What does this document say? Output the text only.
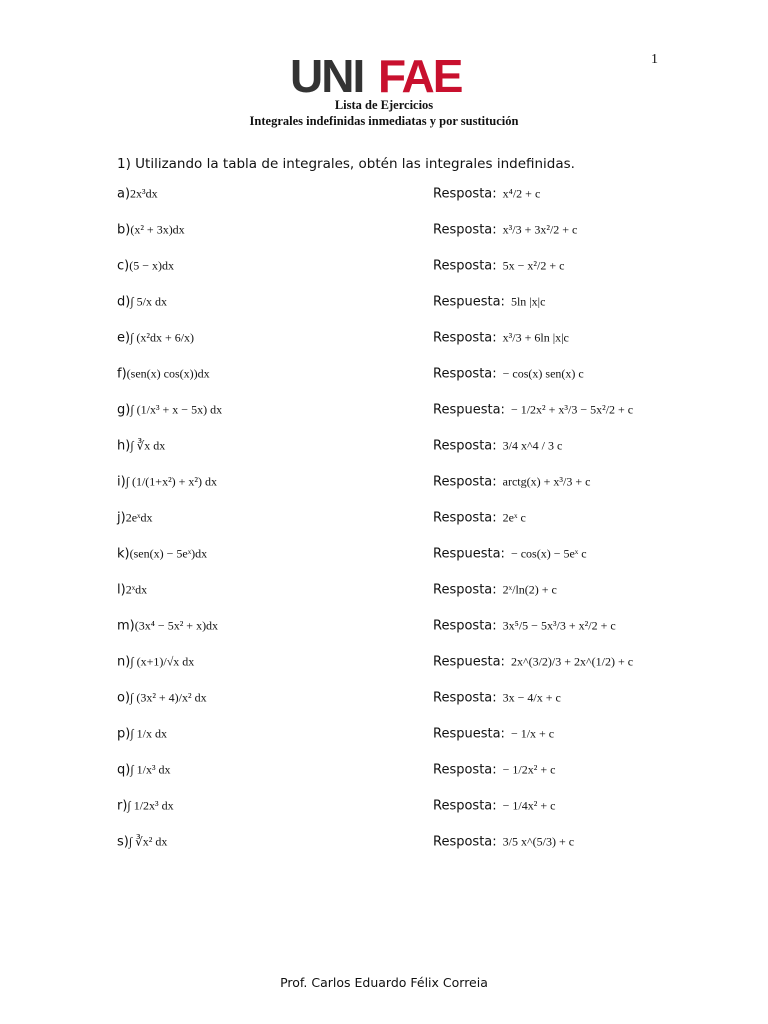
1
UNI FAE
Lista de Ejercicios
Integrales indefinidas inmediatas y por sustitución
1) Utilizando la tabla de integrales, obtén las integrales indefinidas.
a) 2x³dx	Resposta: x⁴/2 + c
b) (x² + 3x)dx	Resposta: x³/3 + 3x²/2 + c
c) (5 − x)dx	Resposta: 5x − x²/2 + c
d) ∫ 5/x dx	Respuesta: 5ln |x|c
e) ∫ (x²dx + 6/x)	Resposta: x³/3 + 6ln |x|c
f) (sen(x) cos(x))dx	Resposta: − cos(x) sen(x) c
g) ∫ (1/x³ + x − 5x) dx	Respuesta: − 1/2x² + x³/3 − 5x²/2 + c
h) ∫ ∛x dx	Resposta: 3/4 x^4 / 3 c
i) ∫ (1/(1+x²) + x²) dx	Resposta: arctg(x) + x³/3 + c
j) 2eˣdx	Resposta: 2eˣ c
k) (sen(x) − 5eˣ)dx	Respuesta: − cos(x) − 5eˣ c
l) 2ˣdx	Resposta: 2ˣ/ln(2) + c
m) (3x⁴ − 5x² + x)dx	Resposta: 3x⁵/5 − 5x³/3 + x²/2 + c
n) ∫ (x+1)/√x dx	Respuesta: 2x^(3/2)/3 + 2x^(1/2) + c
o) ∫ (3x² + 4)/x² dx	Resposta: 3x − 4/x + c
p) ∫ 1/x dx	Respuesta: − 1/x + c
q) ∫ 1/x³ dx	Resposta: − 1/2x² + c
r) ∫ 1/2x³ dx	Resposta: − 1/4x² + c
s) ∫ ∛x² dx	Resposta: 3/5 x^(5/3) + c
Prof. Carlos Eduardo Félix Correia
